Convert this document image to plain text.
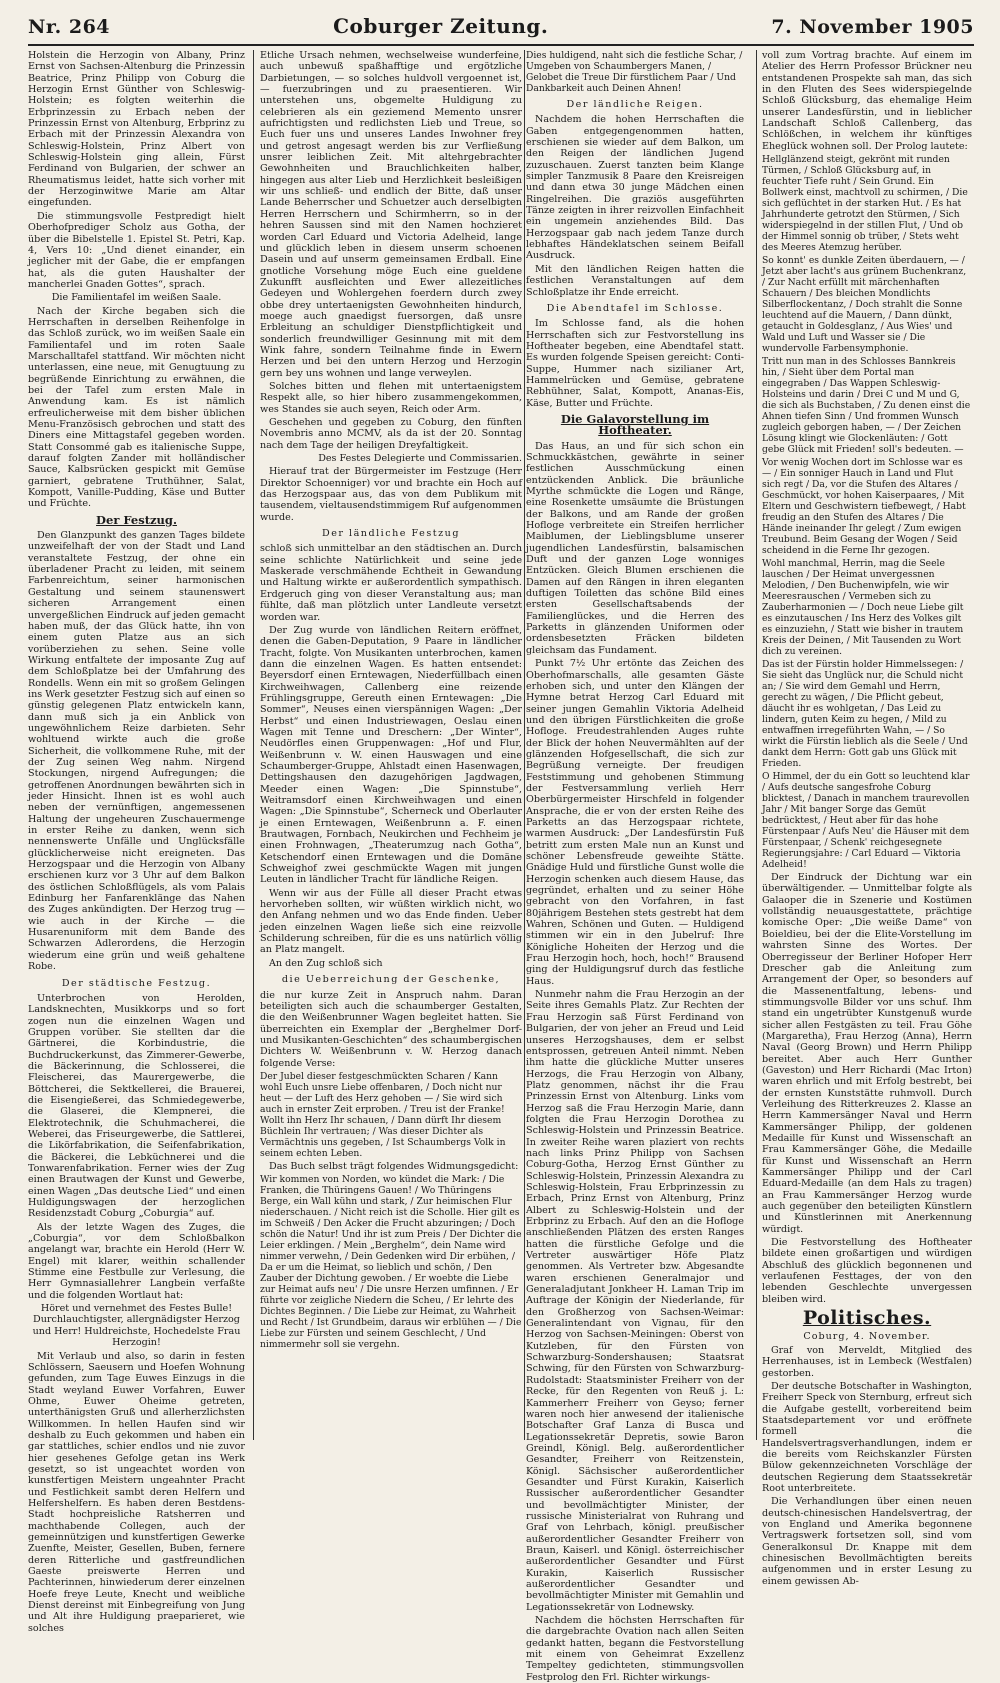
Nr. 264	Coburger Zeitung.	7. November 1905

Holstein die Herzogin von Albany, Prinz Ernst von Sachsen-Altenburg die Prinzessin Beatrice, Prinz Philipp von Coburg die Herzogin Ernst Günther von Schleswig-Holstein; es folgten weiterhin die Erbprinzessin zu Erbach neben der Prinzessin Ernst von Altenburg, Erbprinz zu Erbach mit der Prinzessin Alexandra von Schleswig-Holstein, Prinz Albert von Schleswig-Holstein ging allein, Fürst Ferdinand von Bulgarien, der schwer an Rheumatismus leidet, hatte sich vorher mit der Herzoginwitwe Marie am Altar eingefunden.

Die stimmungsvolle Festpredigt hielt Oberhofprediger Scholz aus Gotha, der über die Bibelstelle 1. Epistel St. Petri, Kap. 4, Vers 10: „Und dienet einander, ein jeglicher mit der Gabe, die er empfangen hat, als die guten Haushalter der mancherlei Gnaden Gottes“, sprach.

Die Familientafel im weißen Saale.

Nach der Kirche begaben sich die Herrschaften in derselben Reihenfolge in das Schloß zurück, wo im weißen Saale ein Familientafel und im roten Saale Marschalltafel stattfand. Wir möchten nicht unterlassen, eine neue, mit Genugtuung zu begrüßende Einrichtung zu erwähnen, die bei der Tafel zum ersten Male in Anwendung kam. Es ist nämlich erfreulicherweise mit dem bisher üblichen Menu-Französisch gebrochen und statt des Diners eine Mittagstafel gegeben worden. Statt Consommé gab es italienische Suppe, darauf folgten Zander mit holländischer Sauce, Kalbsrücken gespickt mit Gemüse garniert, gebratene Truthühner, Salat, Kompott, Vanille-Pudding, Käse und Butter und Früchte.

Der Festzug.

Den Glanzpunkt des ganzen Tages bildete unzweifelhaft der von der Stadt und Land veranstaltete Festzug, der ohne ein überladener Pracht zu leiden, mit seinem Farbenreichtum, seiner harmonischen Gestaltung und seinem staunenswert sicheren Arrangement einen unvergeßlichen Eindruck auf jeden gemacht haben muß, der das Glück hatte, ihn von einem guten Platze aus an sich vorüberziehen zu sehen. Seine volle Wirkung entfaltete der imposante Zug auf dem Schloßplatze bei der Umfahrung des Rondells. Wenn ein mit so großem Gelingen ins Werk gesetzter Festzug sich auf einen so günstig gelegenen Platz entwickeln kann, dann muß sich ja ein Anblick von ungewöhnlichem Reize darbieten. Sehr wohltuend wirkte auch die große Sicherheit, die vollkommene Ruhe, mit der der Zug seinen Weg nahm. Nirgend Stockungen, nirgend Aufregungen; die getroffenen Anordnungen bewährten sich in jeder Hinsicht. Ihnen ist es wohl auch neben der vernünftigen, angemessenen Haltung der ungeheuren Zuschauermenge in erster Reihe zu danken, wenn sich nennenswerte Unfälle und Unglücksfälle glücklicherweise nicht ereigneten. Das Herzogspaar und die Herzogin von Albany erschienen kurz vor 3 Uhr auf dem Balkon des östlichen Schloßflügels, als vom Palais Edinburg her Fanfarenklänge das Nahen des Zuges ankündigten. Der Herzog trug — wie auch in der Kirche — die Husarenuniform mit dem Bande des Schwarzen Adlerordens, die Herzogin wiederum eine grün und weiß gehaltene Robe.

Der städtische Festzug.

Unterbrochen von Herolden, Landsknechten, Musikkorps und so fort zogen nun die einzelnen Wagen und Gruppen vorüber. Sie stellten dar die Gärtnerei, die Korbindustrie, die Buchdruckerkunst, das Zimmerer-Gewerbe, die Bäckerinnung, die Schlosserei, die Fleischerei, das Maurergewerbe, die Böttcherei, die Sektkellerei, die Brauerei, die Eisengießerei, das Schmiedegewerbe, die Glaserei, die Klempnerei, die Elektrotechnik, die Schuhmacherei, die Weberei, das Friseurgewerbe, die Sattlerei, die Likörfabrikation, die Seifenfabrikation, die Bäckerei, die Lebküchnerei und die Tonwarenfabrikation. Ferner wies der Zug einen Brautwagen der Kunst und Gewerbe, einen Wagen „Das deutsche Lied“ und einen Huldigungswagen der herzoglichen Residenzstadt Coburg „Coburgia“ auf.

Als der letzte Wagen des Zuges, die „Coburgia“, vor dem Schloßbalkon angelangt war, brachte ein Herold (Herr W. Engel) mit klarer, weithin schallender Stimme eine Festbulle zur Verlesung, die Herr Gymnasiallehrer Langbein verfaßte und die folgenden Wortlaut hat:

Höret und vernehmet des Festes Bulle! Durchlauchtigster, allergnädigster Herzog und Herr! Huldreichste, Hochedelste Frau Herzogin!

Mit Verlaub und also, so darin in festen Schlössern, Saeusern und Hoefen Wohnung gefunden, zum Tage Euwes Einzugs in die Stadt weyland Euwer Vorfahren, Euwer Ohme, Euwer Oheime getreten, unterthänigsten Gruß und allerherzlichsten Willkommen. In hellen Haufen sind wir deshalb zu Euch gekommen und haben ein gar stattliches, schier endlos und nie zuvor hier gesehenes Gefolge getan ins Werk gesetzt, so ist ungeachtet worden von kunstfertigen Meistern ungeahnter Pracht und Festlichkeit sambt deren Helfern und Helfershelfern. Es haben deren Bestdens-Stadt hochpreisliche Ratsherren und machthabende Collegen, auch der gemeinnützigen und kunstfertigen Gewerke Zuenfte, Meister, Gesellen, Buben, fernere deren Ritterliche und gastfreundlichen Gaeste preiswerte Herren und Pachterinnen, hinwiederum derer einzelnen Hoefe freye Leute, Knecht und weibliche Dienst dereinst mit Einbegreifung von Jung und Alt ihre Huldigung praeparieret, wie solches

Etliche Ursach nehmen, wechselweise wunderfeine, auch unbewuß spaßhafftige und ergötzliche Darbietungen, — so solches huldvoll vergoennet ist, — fuerzubringen und zu praesentieren. Wir unterstehen uns, obgemelte Huldigung zu celebrieren als ein geziemend Memento unsrer aufrichtigsten und redlichsten Lieb und Treue, so Euch fuer uns und unseres Landes Inwohner frey und getrost angesagt werden bis zur Verfließung unsrer leiblichen Zeit. Mit altehrgebrachter Gewohnheiten und Brauchlichkeiten halber, hingegen aus alter Lieb und Herzlichkeit besleißigen wir uns schließ- und endlich der Bitte, daß unser Lande Beherrscher und Schuetzer auch derselbigten Herren Herrschern und Schirmherrn, so in der hehren Saussen sind mit den Namen hochzieret worden Carl Eduard und Victoria Adelheid, lange und glücklich leben in diesem unserm schoenen Dasein und auf unserm gemeinsamen Erdball. Eine gnotliche Vorsehung möge Euch eine gueldene Zukunfft ausfleichten und Ewer allezeitliches Gedeyen und Wohlergehen foerdern durch zwey obbe drey untertaenigsten Gewohnheiten hindurch, moege auch gnaedigst fuersorgen, daß unsre Erbleitung an schuldiger Dienstpflichtigkeit und sonderlich freundwilliger Gesinnung mit mit dem Wink fahre, sondern Teilnahme finde in Ewern Herzen und bei den untern Herzog und Herzogin gern bey uns wohnen und lange verweylen.

Solches bitten und flehen mit untertaenigstem Respekt alle, so hier hibero zusammengekommen, wes Standes sie auch seyen, Reich oder Arm.

Geschehen und gegeben zu Coburg, den fünften Novembris anno MCMV, als da ist der 20. Sonntag nach dem Tage der heiligen Dreyfaltigkeit.

Des Festes Delegierte und Commissarien.

Hierauf trat der Bürgermeister im Festzuge (Herr Direktor Schoenniger) vor und brachte ein Hoch auf das Herzogspaar aus, das von dem Publikum mit tausendem, vieltausendstimmigem Ruf aufgenommen wurde.

Der ländliche Festzug

schloß sich unmittelbar an den städtischen an. Durch seine schlichte Natürlichkeit und seine jede Maskerade verschmähende Echtheit in Gewandung und Haltung wirkte er außerordentlich sympathisch. Erdgeruch ging von dieser Veranstaltung aus; man fühlte, daß man plötzlich unter Landleute versetzt worden war.

Der Zug wurde von ländlichen Reitern eröffnet, denen die Gaben-Deputation, 9 Paare in ländlicher Tracht, folgte. Von Musikanten unterbrochen, kamen dann die einzelnen Wagen. Es hatten entsendet: Beyersdorf einen Erntewagen, Niederfüllbach einen Kirchweihwagen, Callenberg eine reizende Frühlingsgruppe, Gereuth einen Erntewagen: „Die Sommer“, Neuses einen vierspännigen Wagen: „Der Herbst“ und einen Industriewagen, Oeslau einen Wagen mit Tenne und Dreschern: „Der Winter“, Neudörfles einen Gruppenwagen: „Hof und Flur, Weißenbrunn v. W. einen Hauswagen und eine Schaumberger-Gruppe, Ahlstadt einen Hasenwagen, Dettingshausen den dazugehörigen Jagdwagen, Meeder einen Wagen: „Die Spinnstube“, Weitramsdorf einen Kirchweihwagen und einen Wagen: „Die Spinnstube“, Scherneck und Oberlauter je einen Erntewagen, Weißenbrunn a. F. einen Brautwagen, Fornbach, Neukirchen und Fechheim je einen Frohnwagen, „Theaterumzug nach Gotha“, Ketschendorf einen Erntewagen und die Domäne Schweighof zwei geschmückte Wagen mit jungen Leuten in ländlicher Tracht für ländliche Reigen.

Wenn wir aus der Fülle all dieser Pracht etwas hervorheben sollten, wir wüßten wirklich nicht, wo den Anfang nehmen und wo das Ende finden. Ueber jeden einzelnen Wagen ließe sich eine reizvolle Schilderung schreiben, für die es uns natürlich völlig an Platz mangelt.

An den Zug schloß sich

die Ueberreichung der Geschenke,

die nur kurze Zeit in Anspruch nahm. Daran beteiligten sich auch die schaumberger Gestalten, die den Weißenbrunner Wagen begleitet hatten. Sie überreichten ein Exemplar der „Berghelmer Dorf- und Musikanten-Geschichten“ des schaumbergischen Dichters W. Weißenbrunn v. W. Herzog danach folgende Verse:

Der Jubel dieser festgeschmückten Scharen / Kann wohl Euch unsre Liebe offenbaren, / Doch nicht nur heut — der Luft des Herz gehoben — / Sie wird sich auch in ernster Zeit erproben. / Treu ist der Franke! Wollt ihn Herz Ihr schauen, / Dann dürft Ihr diesem Büchlein Ihr vertrauen; / Was dieser Dichter als Vermächtnis uns gegeben, / Ist Schaumbergs Volk in seinem echten Leben.

Das Buch selbst trägt folgendes Widmungsgedicht:

Wir kommen von Norden, wo kündet die Mark: / Die Franken, die Thüringens Gauen! / Wo Thüringens Berge, ein Wall kühn und stark, / Zur heimischen Flur niederschauen. / Nicht reich ist die Scholle. Hier gilt es im Schweiß / Den Acker die Frucht abzuringen; / Doch schön die Natur! Und ihr ist zum Preis / Der Dichter die Leier erklingen. / Mein „Berghelm“, dein Name wird nimmer verwehn, / Dein Gedenken wird Dir erbühen, / Da er um die Heimat, so lieblich und schön, / Den Zauber der Dichtung gewoben. / Er woebte die Liebe zur Heimat aufs neu' / Die unsre Herzen umfinnen. / Er führte vor zeigliche Niedern die Scheu, / Er lehrte des Dichtes Beginnen. / Die Liebe zur Heimat, zu Wahrheit und Recht / Ist Grundbeim, daraus wir erblühen — / Die Liebe zur Fürsten und seinem Geschlecht, / Und nimmermehr soll sie vergehn.

Dies huldigend, naht sich die festliche Schar, / Umgeben von Schaumbergers Manen, / Gelobet die Treue Dir fürstlichem Paar / Und Dankbarkeit auch Deinen Ahnen!

Der ländliche Reigen.

Nachdem die hohen Herrschaften die Gaben entgegengenommen hatten, erschienen sie wieder auf dem Balkon, um den Reigen der ländlichen Jugend zuzuschauen. Zuerst tanzten beim Klange simpler Tanzmusik 8 Paare den Kreisreigen und dann etwa 30 junge Mädchen einen Ringelreihen. Die graziös ausgeführten Tänze zeigten in ihrer reizvollen Einfachheit ein ungemein anziehendes Bild. Das Herzogspaar gab nach jedem Tanze durch lebhaftes Händeklatschen seinem Beifall Ausdruck.

Mit den ländlichen Reigen hatten die festlichen Veranstaltungen auf dem Schloßplatze ihr Ende erreicht.

Die Abendtafel im Schlosse.

Im Schlosse fand, als die hohen Herrschaften sich zur Festvorstellung ins Hoftheater begeben, eine Abendtafel statt. Es wurden folgende Speisen gereicht: Conti-Suppe, Hummer nach sizilianer Art, Hammelrücken und Gemüse, gebratene Rebhühner, Salat, Kompott, Ananas-Eis, Käse, Butter und Früchte.

Die Galavorstellung im Hoftheater.

Das Haus, an und für sich schon ein Schmuckkästchen, gewährte in seiner festlichen Ausschmückung einen entzückenden Anblick. Die bräunliche Myrthe schmückte die Logen und Ränge, eine Rosenkette umsäumte die Brüstungen der Balkons, und am Rande der großen Hofloge verbreitete ein Streifen herrlicher Maiblumen, der Lieblingsblume unserer jugendlichen Landesfürstin, balsamischen Duft und der ganzen Loge wonniges Entzücken. Gleich Blumen erschienen die Damen auf den Rängen in ihren eleganten duftigen Toiletten das schöne Bild eines ersten Gesellschaftsabends der Familienglückes, und die Herren des Parketts in glänzenden Uniformen oder ordensbesetzten Fräcken bildeten gleichsam das Fundament.

Punkt 7½ Uhr ertönte das Zeichen des Oberhofmarschalls, alle gesamten Gäste erhoben sich, und unter den Klängen der Hymne betrat Herzog Carl Eduard mit seiner jungen Gemahlin Viktoria Adelheid und den übrigen Fürstlichkeiten die große Hofloge. Freudestrahlenden Auges ruhte der Blick der hohen Neuvermählten auf der glänzenden Hofgesellschaft, die sich zur Begrüßung verneigte. Der freudigen Feststimmung und gehobenen Stimmung der Festversammlung verlieh Herr Oberbürgermeister Hirschfeld in folgender Ansprache, die er von der ersten Reihe des Parketts an das Herzogspaar richtete, warmen Ausdruck: „Der Landesfürstin Fuß betritt zum ersten Male nun an Kunst und schöner Lebensfreude geweihte Stätte. Gnädige Huld und fürstliche Gunst wolle die Herzogin schenken auch diesem Hause, das gegründet, erhalten und zu seiner Höhe gebracht von den Vorfahren, in fast 80jährigem Bestehen stets gestrebt hat dem Wahren, Schönen und Guten. — Huldigend stimmen wir ein in den Jubelruf: Ihre Königliche Hoheiten der Herzog und die Frau Herzogin hoch, hoch, hoch!“ Brausend ging der Huldigungsruf durch das festliche Haus.

Nunmehr nahm die Frau Herzogin an der Seite ihres Gemahls Platz. Zur Rechten der Frau Herzogin saß Fürst Ferdinand von Bulgarien, der von jeher an Freud und Leid unseres Herzogshauses, dem er selbst entsprossen, getreuen Anteil nimmt. Neben ihm hatte die glückliche Mutter unseres Herzogs, die Frau Herzogin von Albany, Platz genommen, nächst ihr die Frau Prinzessin Ernst von Altenburg. Links vom Herzog saß die Frau Herzogin Marie, dann folgten die Frau Herzogin Dorothea zu Schleswig-Holstein und Prinzessin Beatrice. In zweiter Reihe waren plaziert von rechts nach links Prinz Philipp von Sachsen Coburg-Gotha, Herzog Ernst Günther zu Schleswig-Holstein, Prinzessin Alexandra zu Schleswig-Holstein, Frau Erbprinzessin zu Erbach, Prinz Ernst von Altenburg, Prinz Albert zu Schleswig-Holstein und der Erbprinz zu Erbach. Auf den an die Hofloge anschließenden Plätzen des ersten Ranges hatten die fürstliche Gefolge und die Vertreter auswärtiger Höfe Platz genommen. Als Vertreter bzw. Abgesandte waren erschienen Generalmajor und Generaladjutant Jonkheer H. Laman Trip im Auftrage der Königin der Niederlande, für den Großherzog von Sachsen-Weimar: Generalintendant von Vignau, für den Herzog von Sachsen-Meiningen: Oberst von Kutzleben, für den Fürsten von Schwarzburg-Sondershausen; Staatsrat Schwing, für den Fürsten von Schwarzburg-Rudolstadt: Staatsminister Freiherr von der Recke, für den Regenten von Reuß j. L: Kammerherr Freiherr von Geyso; ferner waren noch hier anwesend der italienische Botschafter Graf Lanza di Busca und Legationssekretär Depretis, sowie Baron Greindl, Königl. Belg. außerordentlicher Gesandter, Freiherr von Reitzenstein, Königl. Sächsischer außerordentlicher Gesandter und Fürst Kurakin, Kaiserlich Russischer außerordentlicher Gesandter und bevollmächtigter Minister, der russische Ministerialrat von Ruhrang und Graf von Lehrbach, königl. preußischer außerordentlicher Gesandter Freiherr von Braun, Kaiserl. und Königl. österreichischer außerordentlicher Gesandter und Fürst Kurakin, Kaiserlich Russischer außerordentlicher Gesandter und bevollmächtigter Minister mit Gemahlin und Legationssekretär von Lodnewsky.

Nachdem die höchsten Herrschaften für die dargebrachte Ovation nach allen Seiten gedankt hatten, begann die Festvorstellung mit einem von Geheimrat Exzellenz Tempeltey gedichteten, stimmungsvollen Festprolog den Frl. Richter wirkungs-

voll zum Vortrag brachte. Auf einem im Atelier des Herrn Professor Brückner neu entstandenen Prospekte sah man, das sich in den Fluten des Sees widerspiegelnde Schloß Glücksburg, das ehemalige Heim unserer Landesfürstin, und in lieblicher Landschaft Schloß Callenberg, das Schlößchen, in welchem ihr künftiges Eheglück wohnen soll. Der Prolog lautete:

Hellglänzend steigt, gekrönt mit runden Türmen, / Schloß Glücksburg auf, in feuchter Tiefe ruht / Sein Grund. Ein Bollwerk einst, machtvoll zu schirmen, / Die sich geflüchtet in der starken Hut. / Es hat Jahrhunderte getrotzt den Stürmen, / Sich widerspiegelnd in der stillen Flut, / Und ob der Himmel sonnig ob trüber, / Stets weht des Meeres Atemzug herüber.

So konnt' es dunkle Zeiten überdauern, — / Jetzt aber lacht's aus grünem Buchenkranz, / Zur Nacht erfüllt mit märchenhaften Schauern / Des bleichen Mondlichts Silberflockentanz, / Doch strahlt die Sonne leuchtend auf die Mauern, / Dann dünkt, getaucht in Goldesglanz, / Aus Wies' und Wald und Luft und Wasser sie / Die wundervolle Farbensymphonie.

Tritt nun man in des Schlosses Bannkreis hin, / Sieht über dem Portal man eingegraben / Das Wappen Schleswig-Holsteins und darin / Drei C und M und G, die sich als Buchstaben, / Zu denen einst die Ahnen tiefen Sinn / Und frommen Wunsch zugleich geborgen haben, — / Der Zeichen Lösung klingt wie Glockenläuten: / Gott gebe Glück mit Frieden! soll's bedeuten. —

Vor wenig Wochen dort im Schlosse war es — / Ein sonniger Hauch in Land und Flut sich regt / Da, vor die Stufen des Altares / Geschmückt, vor hohen Kaiserpaares, / Mit Eltern und Geschwistern tiefbewegt, / Habt freudig an den Stufen des Altares / Die Hände ineinander Ihr gelegt / Zum ewigen Treubund. Beim Gesang der Wogen / Seid scheidend in die Ferne Ihr gezogen.

Wohl manchmal, Herrin, mag die Seele lauschen / Der Heimat unvergessnen Melodien, / Den Buchenwipfeln, wie wir Meeresrauschen / Vermeben sich zu Zauberharmonien — / Doch neue Liebe gilt es einzutauschen / Ins Herz des Volkes gilt es einzuziehn, / Statt wie bisher in trautem Kreis der Deinen, / Mit Tausenden zu Wort dich zu vereinen.

Das ist der Fürstin holder Himmelssegen: / Sie sieht das Unglück nur, die Schuld nicht an; / Sie wird dem Gemahl und Herrn, gerecht zu wägen, / Die Pflicht gebeut, däucht ihr es wohlgetan, / Das Leid zu lindern, guten Keim zu hegen, / Mild zu entwaffnen irregeführten Wahn, — / So wirkt die Fürstin lieblich als die Seele / Und dankt dem Herrn: Gott gab uns Glück mit Frieden.

O Himmel, der du ein Gott so leuchtend klar / Aufs deutsche sangesfrohe Coburg blicktest, / Danach in manchem traurevollen Jahr / Mit banger Sorge das Gemüt bedrücktest, / Heut aber für das hohe Fürstenpaar / Aufs Neu' die Häuser mit dem Fürstenpaar, / Schenk' reichgesegnete Regierungsjahre: / Carl Eduard — Viktoria Adelheid!

Der Eindruck der Dichtung war ein überwältigender. — Unmittelbar folgte als Galaoper die in Szenerie und Kostümen vollständig neuausgestattete, prächtige komische Oper: „Die weiße Dame“ von Boieldieu, bei der die Elite-Vorstellung im wahrsten Sinne des Wortes. Der Oberregisseur der Berliner Hofoper Herr Drescher gab die Anleitung zum Arrangement der Oper, so besonders auf die Massenentfaltung, lebens- und stimmungsvolle Bilder vor uns schuf. Ihm stand ein ungetrübter Kunstgenuß wurde sicher allen Festgästen zu teil. Frau Göhe (Margaretha), Frau Herzog (Anna), Herrn Naval (Georg Brown) und Herrn Philipp bereitet. Aber auch Herr Gunther (Gaveston) und Herr Richardi (Mac Irton) waren ehrlich und mit Erfolg bestrebt, bei der ernsten Kunststätte ruhmvoll. Durch Verleihung des Ritterkreuzes 2. Klasse an Herrn Kammersänger Naval und Herrn Kammersänger Philipp, der goldenen Medaille für Kunst und Wissenschaft an Frau Kammersänger Göhe, die Medaille für Kunst und Wissenschaft an Herrn Kammersänger Philipp und der Carl Eduard-Medaille (an dem Hals zu tragen) an Frau Kammersänger Herzog wurde auch gegenüber den beteiligten Künstlern und Künstlerinnen mit Anerkennung würdigt.

Die Festvorstellung des Hoftheater bildete einen großartigen und würdigen Abschluß des glücklich begonnenen und verlaufenen Festtages, der von den lebenden Geschlechte unvergessen bleiben wird.

Politisches.
Coburg, 4. November.

Graf von Merveldt, Mitglied des Herrenhauses, ist in Lembeck (Westfalen) gestorben.

Der deutsche Botschafter in Washington, Freiherr Speck von Sternburg, erfreut sich die Aufgabe gestellt, vorbereitend beim Staatsdepartement vor und eröffnete formell die Handelsvertragsverhandlungen, indem er die bereits vom Reichskanzler Fürsten Bülow gekennzeichneten Vorschläge der deutschen Regierung dem Staatssekretär Root unterbreitete.

Die Verhandlungen über einen neuen deutsch-chinesischen Handelsvertrag, der von England und Amerika begonnene Vertragswerk fortsetzen soll, sind vom Generalkonsul Dr. Knappe mit dem chinesischen Bevollmächtigten bereits aufgenommen und in erster Lesung zu einem gewissen Ab-
